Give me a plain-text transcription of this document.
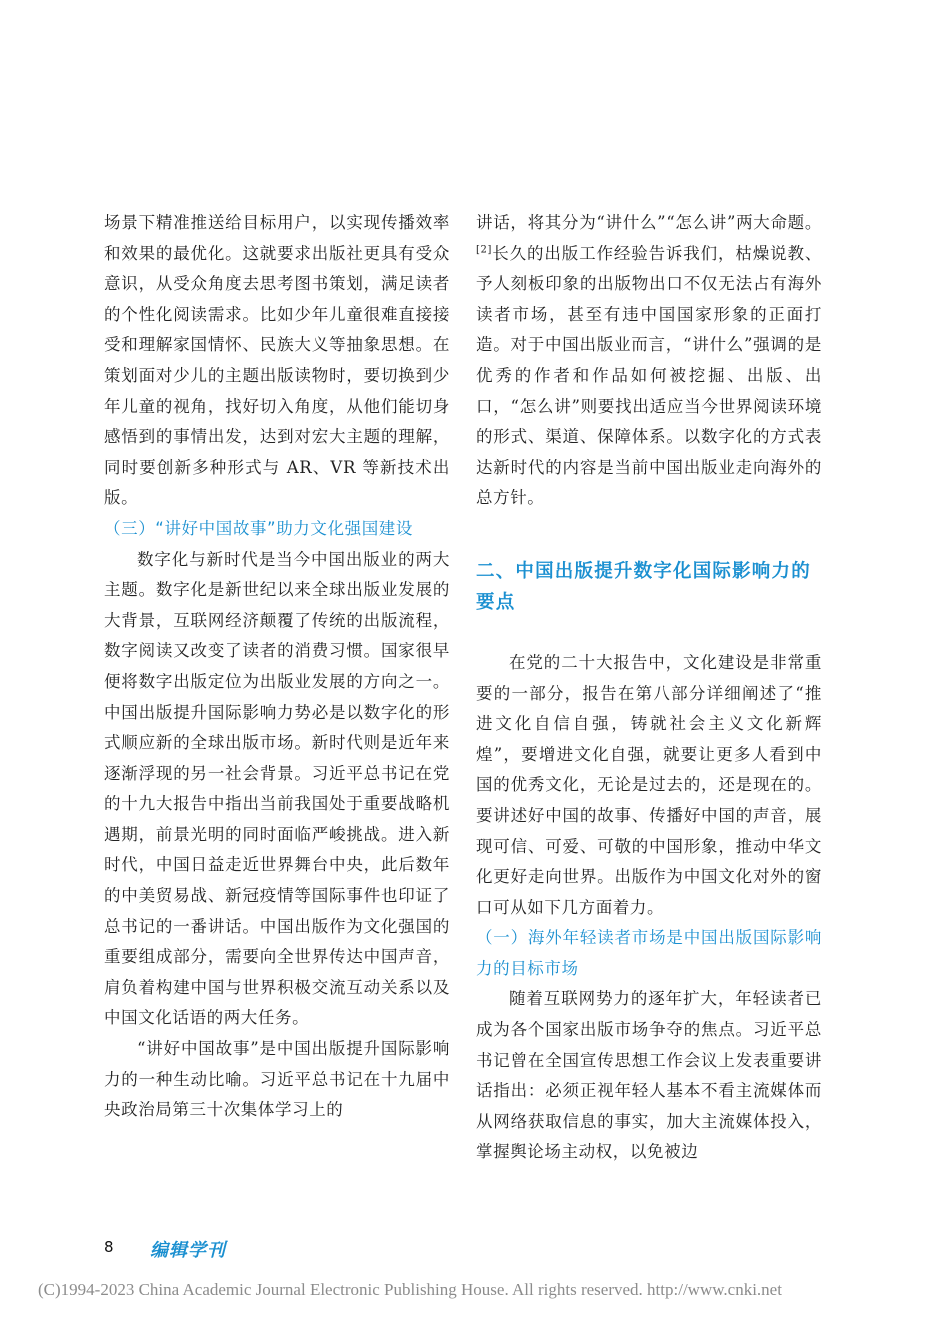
场景下精准推送给目标用户，以实现传播效率和效果的最优化。这就要求出版社更具有受众意识，从受众角度去思考图书策划，满足读者的个性化阅读需求。比如少年儿童很难直接接受和理解家国情怀、民族大义等抽象思想。在策划面对少儿的主题出版读物时，要切换到少年儿童的视角，找好切入角度，从他们能切身感悟到的事情出发，达到对宏大主题的理解，同时要创新多种形式与 AR、VR 等新技术出版。

（三）“讲好中国故事”助力文化强国建设

数字化与新时代是当今中国出版业的两大主题。数字化是新世纪以来全球出版业发展的大背景，互联网经济颠覆了传统的出版流程，数字阅读又改变了读者的消费习惯。国家很早便将数字出版定位为出版业发展的方向之一。中国出版提升国际影响力势必是以数字化的形式顺应新的全球出版市场。新时代则是近年来逐渐浮现的另一社会背景。习近平总书记在党的十九大报告中指出当前我国处于重要战略机遇期，前景光明的同时面临严峻挑战。进入新时代，中国日益走近世界舞台中央，此后数年的中美贸易战、新冠疫情等国际事件也印证了总书记的一番讲话。中国出版作为文化强国的重要组成部分，需要向全世界传达中国声音，肩负着构建中国与世界积极交流互动关系以及中国文化话语的两大任务。

“讲好中国故事”是中国出版提升国际影响力的一种生动比喻。习近平总书记在十九届中央政治局第三十次集体学习上的

讲话，将其分为“讲什么”“怎么讲”两大命题。[2]长久的出版工作经验告诉我们，枯燥说教、予人刻板印象的出版物出口不仅无法占有海外读者市场，甚至有违中国国家形象的正面打造。对于中国出版业而言，“讲什么”强调的是优秀的作者和作品如何被挖掘、出版、出口，“怎么讲”则要找出适应当今世界阅读环境的形式、渠道、保障体系。以数字化的方式表达新时代的内容是当前中国出版业走向海外的总方针。

二、中国出版提升数字化国际影响力的要点

在党的二十大报告中，文化建设是非常重要的一部分，报告在第八部分详细阐述了“推进文化自信自强，铸就社会主义文化新辉煌”，要增进文化自强，就要让更多人看到中国的优秀文化，无论是过去的，还是现在的。要讲述好中国的故事、传播好中国的声音，展现可信、可爱、可敬的中国形象，推动中华文化更好走向世界。出版作为中国文化对外的窗口可从如下几方面着力。

（一）海外年轻读者市场是中国出版国际影响力的目标市场

随着互联网势力的逐年扩大，年轻读者已成为各个国家出版市场争夺的焦点。习近平总书记曾在全国宣传思想工作会议上发表重要讲话指出：必须正视年轻人基本不看主流媒体而从网络获取信息的事实，加大主流媒体投入，掌握舆论场主动权，以免被边

8 编辑学刊
(C)1994-2023 China Academic Journal Electronic Publishing House. All rights reserved. http://www.cnki.net
